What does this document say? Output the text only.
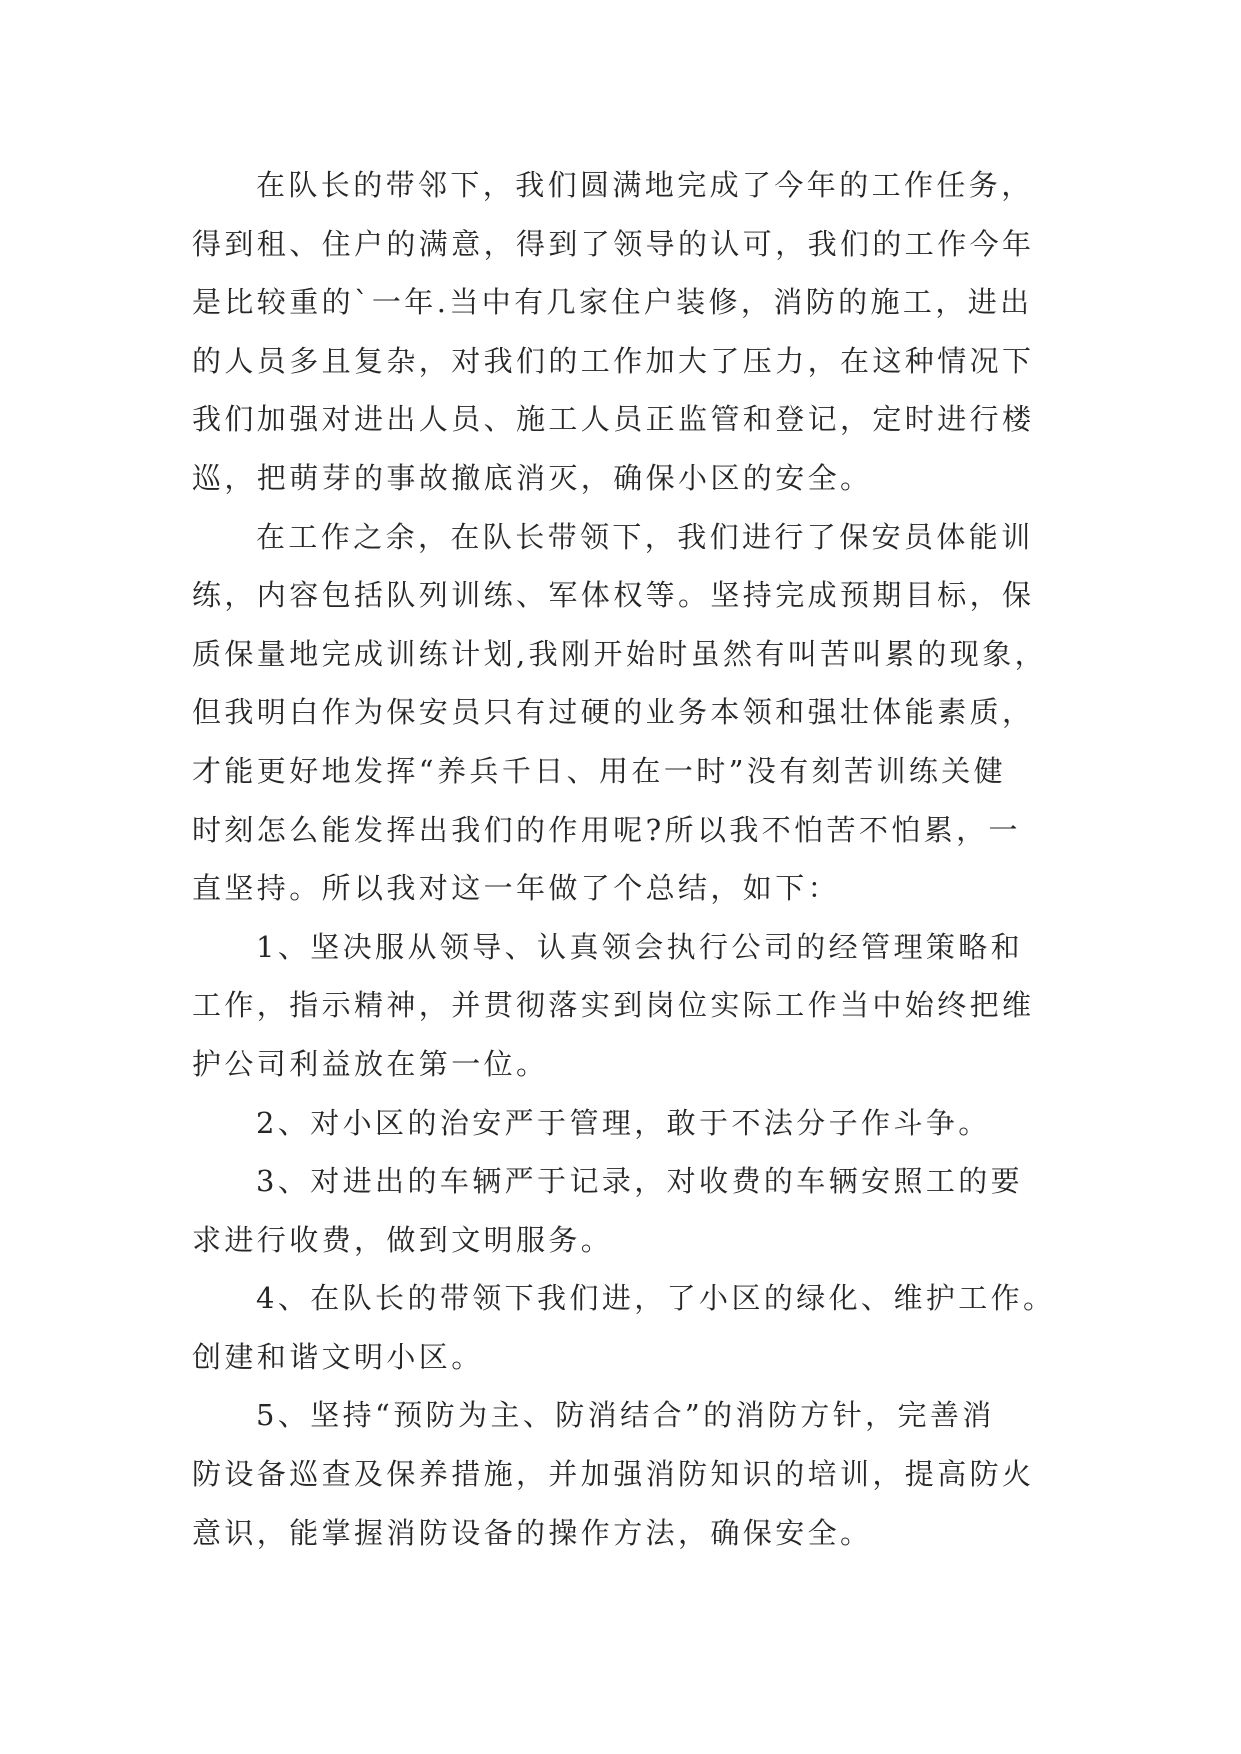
在队长的带邻下，我们圆满地完成了今年的工作任务，
得到租、住户的满意，得到了领导的认可，我们的工作今年
是比较重的`一年.当中有几家住户装修，消防的施工，进出
的人员多且复杂，对我们的工作加大了压力，在这种情况下
我们加强对进出人员、施工人员正监管和登记，定时进行楼
巡，把萌芽的事故撤底消灭，确保小区的安全。

在工作之余，在队长带领下，我们进行了保安员体能训
练，内容包括队列训练、军体权等。坚持完成预期目标，保
质保量地完成训练计划,我刚开始时虽然有叫苦叫累的现象，
但我明白作为保安员只有过硬的业务本领和强壮体能素质，
才能更好地发挥“养兵千日、用在一时”没有刻苦训练关健
时刻怎么能发挥出我们的作用呢?所以我不怕苦不怕累，一
直坚持。所以我对这一年做了个总结，如下：

1、坚决服从领导、认真领会执行公司的经管理策略和
工作，指示精神，并贯彻落实到岗位实际工作当中始终把维
护公司利益放在第一位。

2、对小区的治安严于管理，敢于不法分子作斗争。

3、对进出的车辆严于记录，对收费的车辆安照工的要
求进行收费，做到文明服务。

4、在队长的带领下我们进，了小区的绿化、维护工作。
创建和谐文明小区。

5、坚持“预防为主、防消结合”的消防方针，完善消
防设备巡查及保养措施，并加强消防知识的培训，提高防火
意识，能掌握消防设备的操作方法，确保安全。
